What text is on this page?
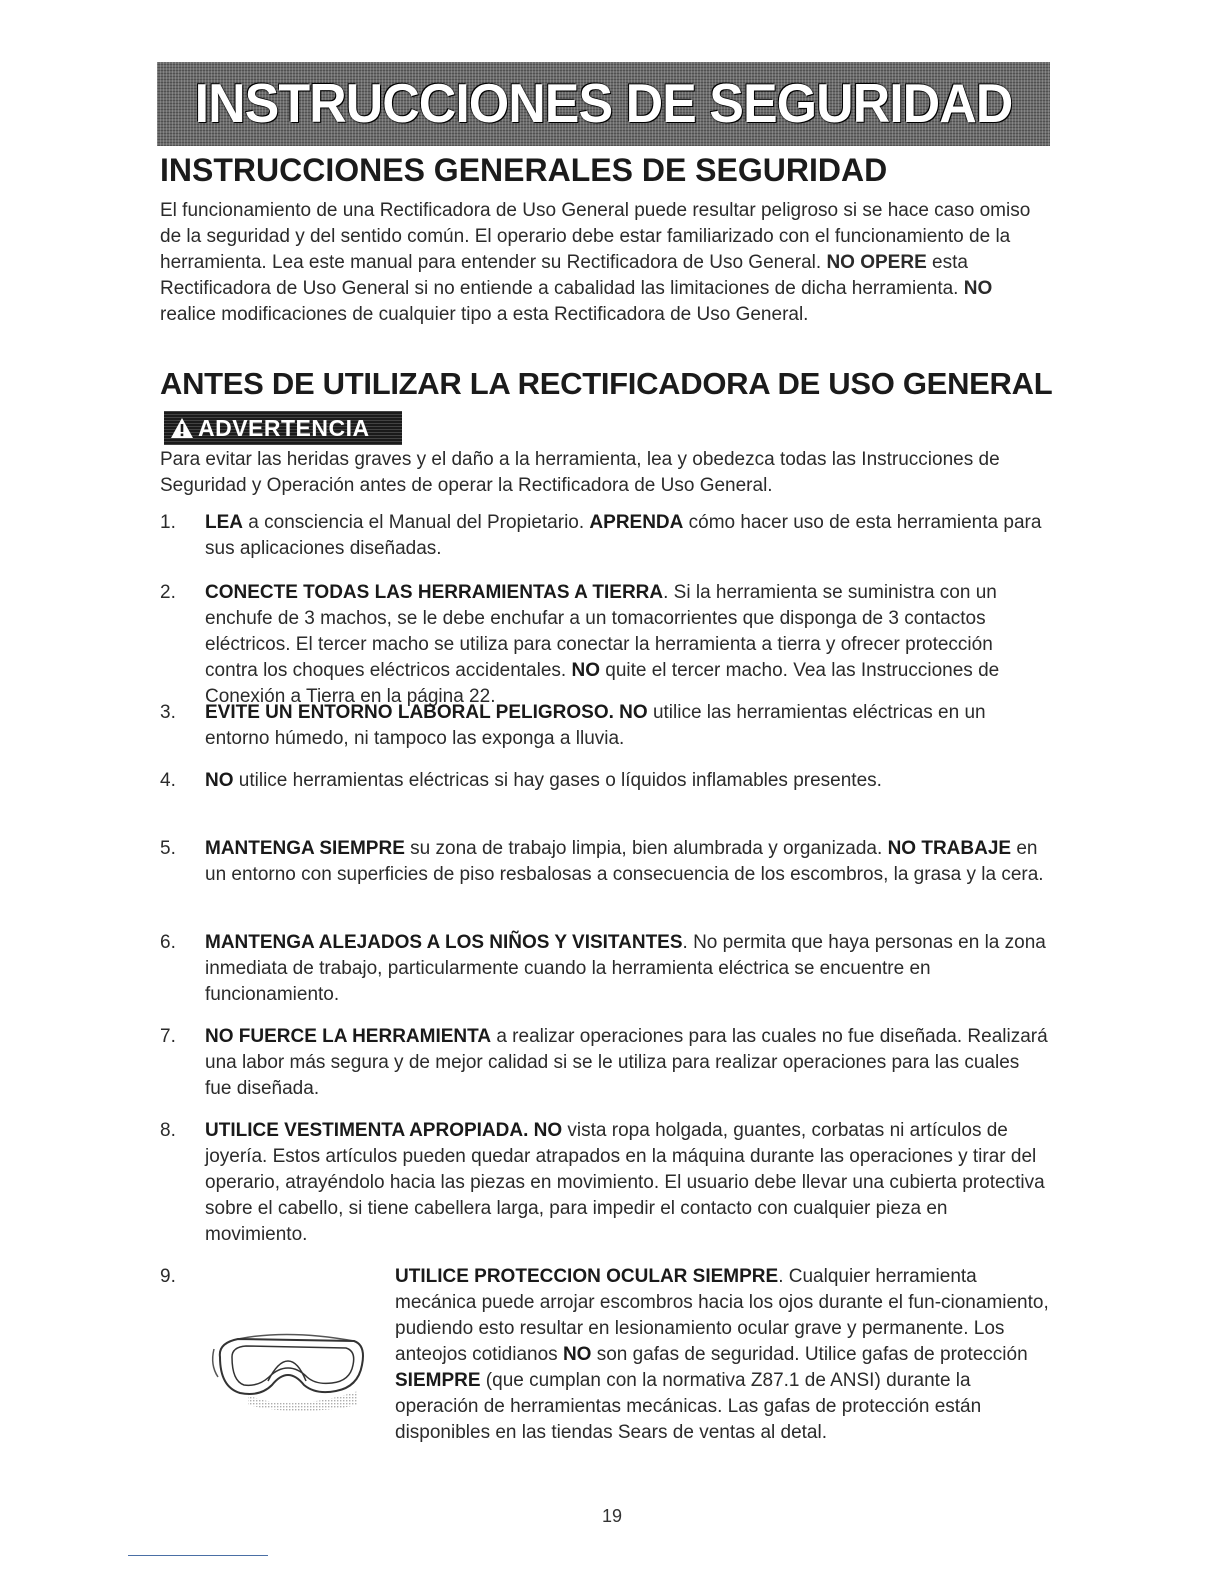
INSTRUCCIONES DE SEGURIDAD
INSTRUCCIONES GENERALES DE SEGURIDAD

El funcionamiento de una Rectificadora de Uso General puede resultar peligroso si se hace caso omiso de la seguridad y del sentido común. El operario debe estar familiarizado con el funcionamiento de la herramienta. Lea este manual para entender su Rectificadora de Uso General. NO OPERE esta Rectificadora de Uso General si no entiende a cabalidad las limitaciones de dicha herramienta. NO realice modificaciones de cualquier tipo a esta Rectificadora de Uso General.

ANTES DE UTILIZAR LA RECTIFICADORA DE USO GENERAL
ADVERTENCIA

Para evitar las heridas graves y el daño a la herramienta, lea y obedezca todas las Instrucciones de Seguridad y Operación antes de operar la Rectificadora de Uso General.

1.	LEA a consciencia el Manual del Propietario. APRENDA cómo hacer uso de esta herramienta para sus aplicaciones diseñadas.
2.	CONECTE TODAS LAS HERRAMIENTAS A TIERRA. Si la herramienta se suministra con un enchufe de 3 machos, se le debe enchufar a un tomacorrientes que disponga de 3 contactos eléctricos. El tercer macho se utiliza para conectar la herramienta a tierra y ofrecer protección contra los choques eléctricos accidentales. NO quite el tercer macho. Vea las Instrucciones de Conexión a Tierra en la página 22.
3.	EVITE UN ENTORNO LABORAL PELIGROSO. NO utilice las herramientas eléctricas en un entorno húmedo, ni tampoco las exponga a lluvia.
4.	NO utilice herramientas eléctricas si hay gases o líquidos inflamables presentes.
5.	MANTENGA SIEMPRE su zona de trabajo limpia, bien alumbrada y organizada. NO TRABAJE en un entorno con superficies de piso resbalosas a consecuencia de los escombros, la grasa y la cera.
6.	MANTENGA ALEJADOS A LOS NIÑOS Y VISITANTES. No permita que haya personas en la zona inmediata de trabajo, particularmente cuando la herramienta eléctrica se encuentre en funcionamiento.
7.	NO FUERCE LA HERRAMIENTA a realizar operaciones para las cuales no fue diseñada. Realizará una labor más segura y de mejor calidad si se le utiliza para realizar operaciones para las cuales fue diseñada.
8.	UTILICE VESTIMENTA APROPIADA. NO vista ropa holgada, guantes, corbatas ni artículos de joyería. Estos artículos pueden quedar atrapados en la máquina durante las operaciones y tirar del operario, atrayéndolo hacia las piezas en movimiento. El usuario debe llevar una cubierta protectiva sobre el cabello, si tiene cabellera larga, para impedir el contacto con cualquier pieza en movimiento.
9.	UTILICE PROTECCION OCULAR SIEMPRE. Cualquier herramienta mecánica puede arrojar escombros hacia los ojos durante el fun-cionamiento, pudiendo esto resultar en lesionamiento ocular grave y permanente. Los anteojos cotidianos NO son gafas de seguridad. Utilice gafas de protección SIEMPRE (que cumplan con la normativa Z87.1 de ANSI) durante la operación de herramientas mecánicas. Las gafas de protección están disponibles en las tiendas Sears de ventas al detal.
19
